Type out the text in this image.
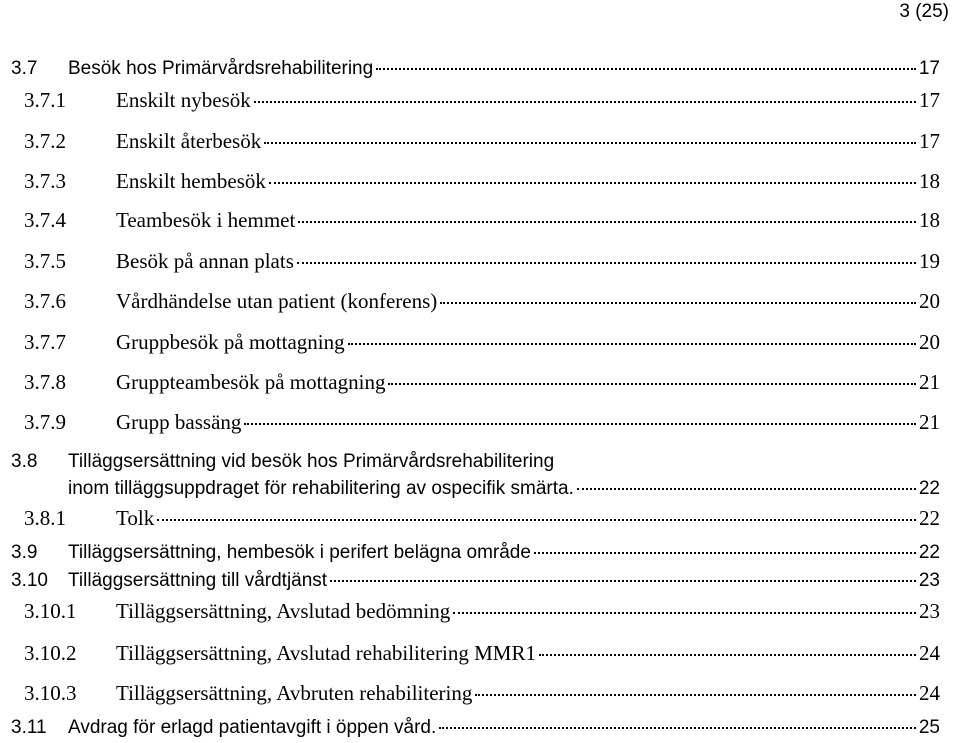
3 (25)
3.7	Besök hos Primärvårdsrehabilitering	17
3.7.1	Enskilt nybesök	17
3.7.2	Enskilt återbesök	17
3.7.3	Enskilt hembesök	18
3.7.4	Teambesök i hemmet	18
3.7.5	Besök på annan plats	19
3.7.6	Vårdhändelse utan patient (konferens)	20
3.7.7	Gruppbesök på mottagning	20
3.7.8	Gruppteambesök på mottagning	21
3.7.9	Grupp bassäng	21
3.8 Tilläggsersättning vid besök hos Primärvårdsrehabilitering
inom tilläggsuppdraget för rehabilitering av ospecifik smärta.	22
3.8.1	Tolk	22
3.9	Tilläggsersättning, hembesök i perifert belägna område	22
3.10	Tilläggsersättning till vårdtjänst	23
3.10.1	Tilläggsersättning, Avslutad bedömning	23
3.10.2	Tilläggsersättning, Avslutad rehabilitering MMR1	24
3.10.3	Tilläggsersättning, Avbruten rehabilitering	24
3.11	Avdrag för erlagd patientavgift i öppen vård.	25
